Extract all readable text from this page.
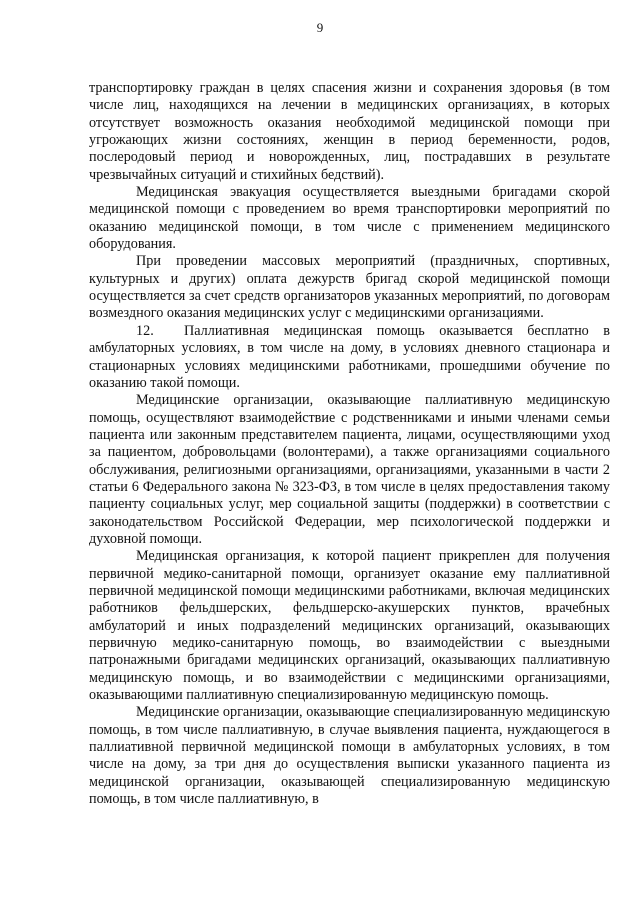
9

транспортировку граждан в целях спасения жизни и сохранения здоровья (в том числе лиц, находящихся на лечении в медицинских организациях, в которых отсутствует возможность оказания необходимой медицинской помощи при угрожающих жизни состояниях, женщин в период беременности, родов, послеродовый период и новорожденных, лиц, пострадавших в результате чрезвычайных ситуаций и стихийных бедствий).

Медицинская эвакуация осуществляется выездными бригадами скорой медицинской помощи с проведением во время транспортировки мероприятий по оказанию медицинской помощи, в том числе с применением медицинского оборудования.

При проведении массовых мероприятий (праздничных, спортивных, культурных и других) оплата дежурств бригад скорой медицинской помощи осуществляется за счет средств организаторов указанных мероприятий, по договорам возмездного оказания медицинских услуг с медицинскими организациями.

12. Паллиативная медицинская помощь оказывается бесплатно в амбулаторных условиях, в том числе на дому, в условиях дневного стационара и стационарных условиях медицинскими работниками, прошедшими обучение по оказанию такой помощи.

Медицинские организации, оказывающие паллиативную медицинскую помощь, осуществляют взаимодействие с родственниками и иными членами семьи пациента или законным представителем пациента, лицами, осуществляющими уход за пациентом, добровольцами (волонтерами), а также организациями социального обслуживания, религиозными организациями, организациями, указанными в части 2 статьи 6 Федерального закона № 323-ФЗ, в том числе в целях предоставления такому пациенту социальных услуг, мер социальной защиты (поддержки) в соответствии с законодательством Российской Федерации, мер психологической поддержки и духовной помощи.

Медицинская организация, к которой пациент прикреплен для получения первичной медико-санитарной помощи, организует оказание ему паллиативной первичной медицинской помощи медицинскими работниками, включая медицинских работников фельдшерских, фельдшерско-акушерских пунктов, врачебных амбулаторий и иных подразделений медицинских организаций, оказывающих первичную медико-санитарную помощь, во взаимодействии с выездными патронажными бригадами медицинских организаций, оказывающих паллиативную медицинскую помощь, и во взаимодействии с медицинскими организациями, оказывающими паллиативную специализированную медицинскую помощь.

Медицинские организации, оказывающие специализированную медицинскую помощь, в том числе паллиативную, в случае выявления пациента, нуждающегося в паллиативной первичной медицинской помощи в амбулаторных условиях, в том числе на дому, за три дня до осуществления выписки указанного пациента из медицинской организации, оказывающей специализированную медицинскую помощь, в том числе паллиативную, в
